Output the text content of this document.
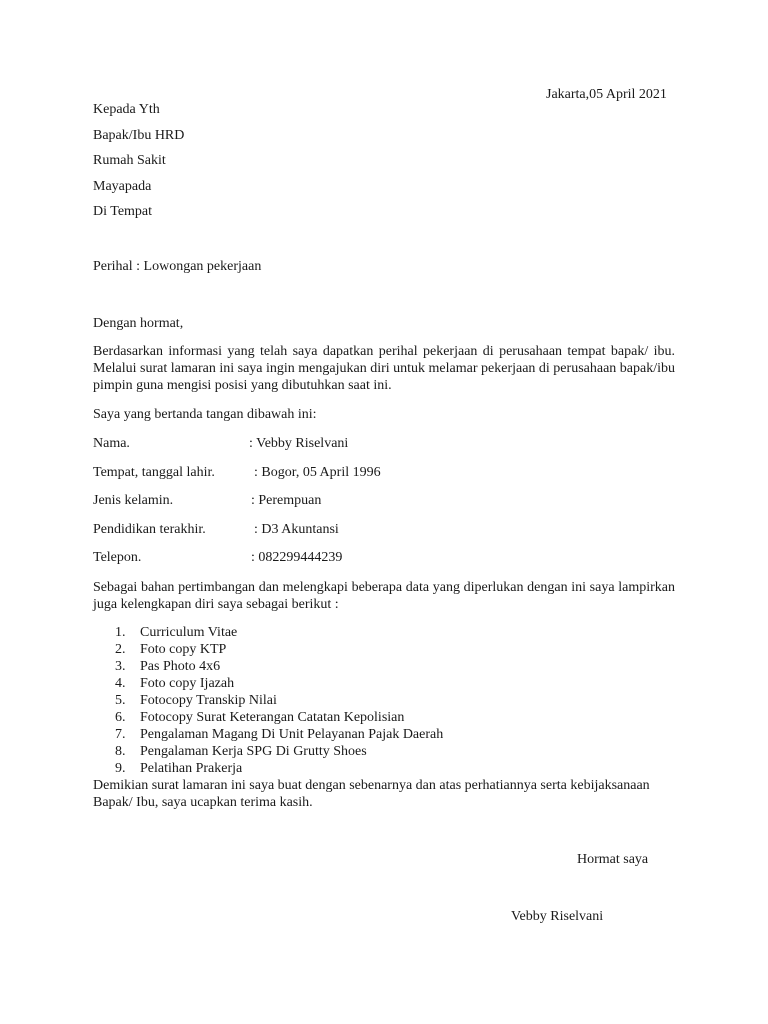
Jakarta,05 April 2021
Kepada Yth
Bapak/Ibu HRD
Rumah Sakit
Mayapada
Di Tempat
Perihal : Lowongan pekerjaan
Dengan hormat,
Berdasarkan informasi yang telah saya dapatkan perihal pekerjaan di perusahaan tempat bapak/ ibu. Melalui surat lamaran ini saya ingin mengajukan diri untuk melamar pekerjaan di perusahaan bapak/ibu pimpin guna mengisi posisi yang dibutuhkan saat ini.
Saya yang bertanda tangan dibawah ini:
Nama.	: Vebby Riselvani
Tempat, tanggal lahir.	: Bogor, 05 April 1996
Jenis kelamin.	: Perempuan
Pendidikan terakhir.	: D3 Akuntansi
Telepon.	: 082299444239
Sebagai bahan pertimbangan dan melengkapi beberapa data yang diperlukan dengan ini saya lampirkan juga kelengkapan diri saya sebagai berikut :
1.	Curriculum Vitae
2.	Foto copy KTP
3.	Pas Photo 4x6
4.	Foto copy Ijazah
5.	Fotocopy Transkip Nilai
6.	Fotocopy Surat Keterangan Catatan Kepolisian
7.	Pengalaman Magang Di Unit Pelayanan Pajak Daerah
8.	Pengalaman Kerja SPG Di Grutty Shoes
9.	Pelatihan Prakerja
Demikian surat lamaran ini saya buat dengan sebenarnya dan atas perhatiannya serta kebijaksanaan Bapak/ Ibu, saya ucapkan terima kasih.
Hormat saya
Vebby Riselvani
